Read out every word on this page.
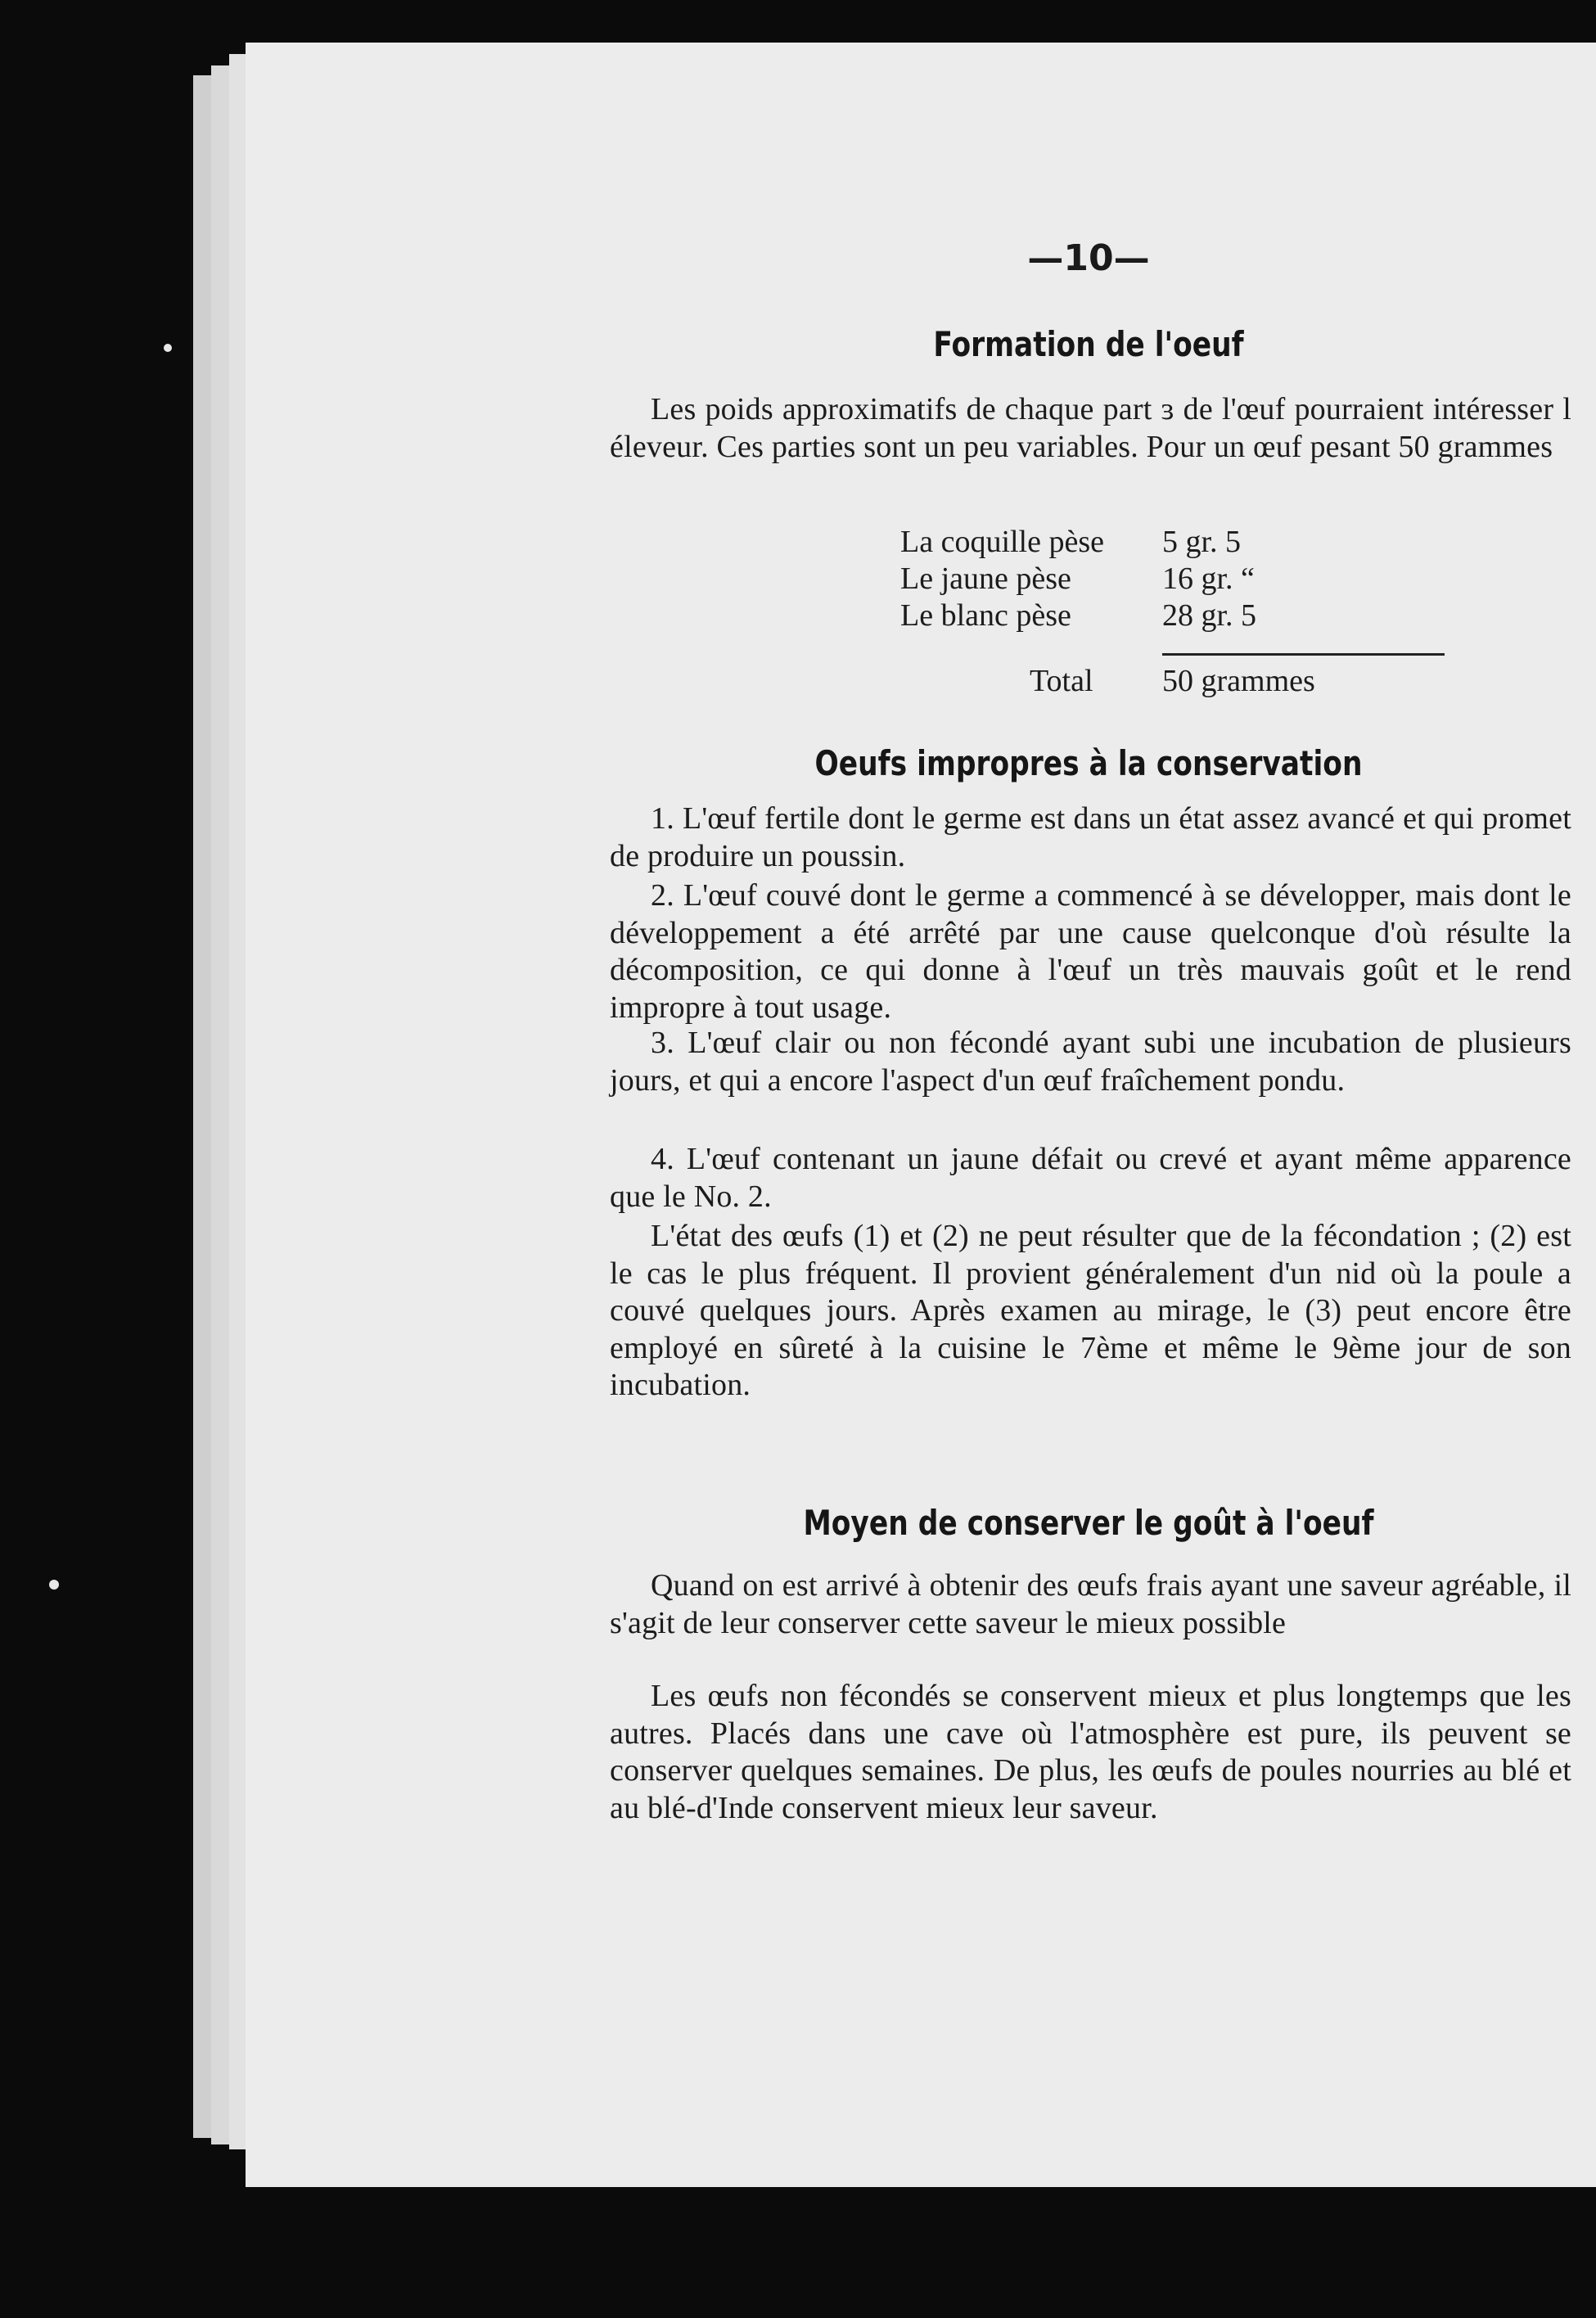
—10—
Formation de l'oeuf
Les poids approximatifs de chaque part ɜ de l'œuf pourraient intéresser l éleveur. Ces parties sont un peu variables. Pour un œuf pesant 50 grammes
La coquille pèse 5 gr. 5
Le jaune pèse	16 gr. “
Le blanc pèse	28 gr. 5
Total 50 grammes
Oeufs impropres à la conservation
1. L'œuf fertile dont le germe est dans un état assez avancé et qui promet de produire un poussin.
2. L'œuf couvé dont le germe a commencé à se développer, mais dont le développement a été arrêté par une cause quelconque d'où résulte la décomposition, ce qui donne à l'œuf un très mauvais goût et le rend impropre à tout usage.
3. L'œuf clair ou non fécondé ayant subi une incubation de plusieurs jours, et qui a encore l'aspect d'un œuf fraîchement pondu.
4. L'œuf contenant un jaune défait ou crevé et ayant même apparence que le No. 2.
L'état des œufs (1) et (2) ne peut résulter que de la fécondation ; (2) est le cas le plus fréquent. Il provient généralement d'un nid où la poule a couvé quelques jours. Après examen au mirage, le (3) peut encore être employé en sûreté à la cuisine le 7ème et même le 9ème jour de son incubation.
Moyen de conserver le goût à l'oeuf
Quand on est arrivé à obtenir des œufs frais ayant une saveur agréable, il s'agit de leur conserver cette saveur le mieux possible
Les œufs non fécondés se conservent mieux et plus longtemps que les autres. Placés dans une cave où l'atmosphère est pure, ils peuvent se conserver quelques semaines. De plus, les œufs de poules nourries au blé et au blé-d'Inde conservent mieux leur saveur.
